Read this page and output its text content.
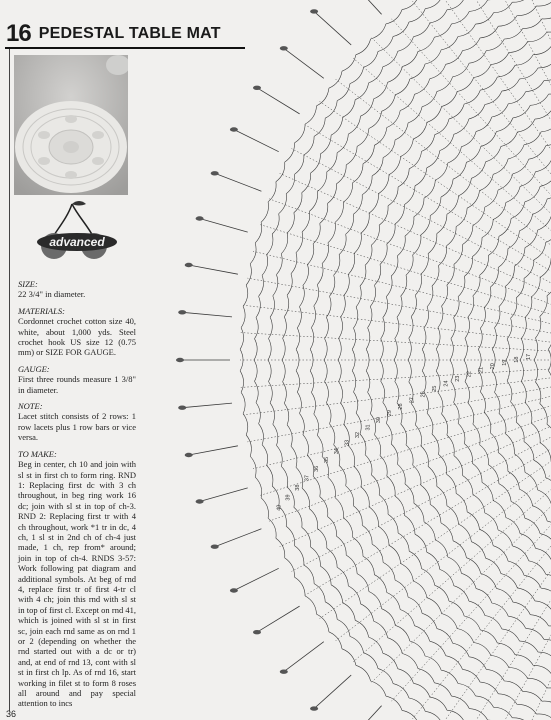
16 PEDESTAL TABLE MAT
advanced
SIZE:
22 3/4" in diameter.
MATERIALS:
Cordonnet crochet cotton size 40, white, about 1,000 yds. Steel crochet hook US size 12 (0.75 mm) or SIZE FOR GAUGE.
GAUGE:
First three rounds measure 1 3/8" in diameter.
NOTE:
Lacet stitch consists of 2 rows: 1 row lacets plus 1 row bars or vice versa.
TO MAKE:
Beg in center, ch 10 and join with sl st in first ch to form ring. RND 1: Replacing first dc with 3 ch throughout, in beg ring work 16 dc; join with sl st in top of ch-3. RND 2: Replacing first tr with 4 ch throughout, work *1 tr in dc, 4 ch, 1 sl st in 2nd ch of ch-4 just made, 1 ch, rep from* around; join in top of ch-4. RNDS 3-57: Work following pat diagram and additional symbols. At beg of rnd 4, replace first tr of first 4-tr cl with 4 ch; join this rnd with sl st in top of first cl. Except on rnd 41, which is joined with sl st in first sc, join each rnd same as on rnd 1 or 2 (depending on whether the rnd started out with a dc or tr) and, at end of rnd 13, cont with sl st in first ch lp. As of rnd 16, start working in filet st to form 8 roses all around and pay special attention to incs
36
17
18
19
20
21
22
23
24
25
26
27
28
29
30
31
32
33
34
35
36
37
38
39
40
